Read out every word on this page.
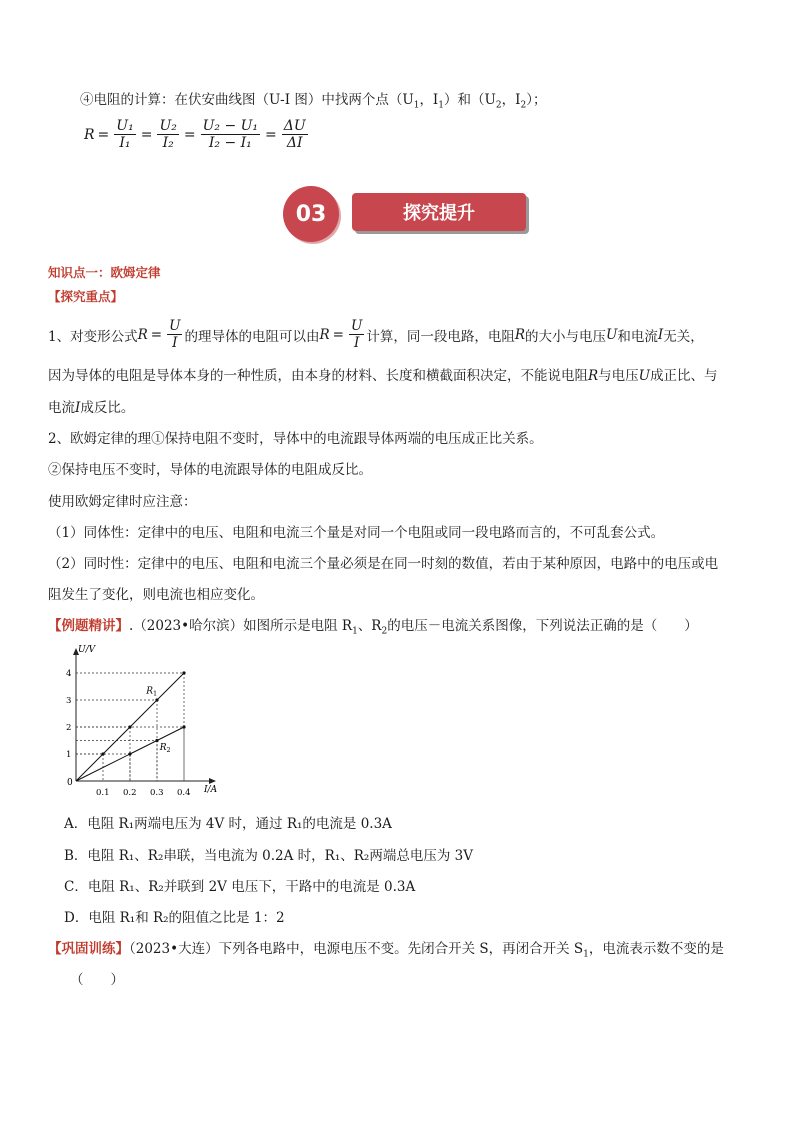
④电阻的计算：在伏安曲线图（U-I 图）中找两个点（$U_1$，$I_1$）和（$U_2$，$I_2$）；
$R = \frac{\text{U₁}}{\text{I₁}} = \frac{\text{U₂}}{\text{I₂}} = \frac{\text{U₂ − U₁}}{\text{I₂ − I₁}} = \frac{\Delta U}{\Delta I}$
03	探究提升
知识点一：欧姆定律
【探究重点】
1、对变形公式 $R = \frac{U}{I}$ 的理导体的电阻可以由 $R = \frac{U}{I}$ 计算，同一段电路，电阻 R 的大小与电压 U 和电流 I 无关，
因为导体的电阻是导体本身的一种性质，由本身的材料、长度和横截面积决定，不能说电阻R与电压U成正比、与
电流I成反比。
2、欧姆定律的理①保持电阻不变时，导体中的电流跟导体两端的电压成正比关系。
②保持电压不变时，导体的电流跟导体的电阻成反比。
使用欧姆定律时应注意：
（1）同体性：定律中的电压、电阻和电流三个量是对同一个电阻或同一段电路而言的，不可乱套公式。
（2）同时性：定律中的电压、电阻和电流三个量必须是在同一时刻的数值，若由于某种原因，电路中的电压或电
阻发生了变化，则电流也相应变化。
【例题精讲】.（2023•哈尔滨）如图所示是电阻 $R_1$、$R_2$的电压－电流关系图像，下列说法正确的是（　　）
U/V
I/A
0
0.1 0.2 0.3 0.4
1
2
3
4
$R_1$
$R_2$
A．电阻 R₁两端电压为 4V 时，通过 R₁的电流是 0.3A
B．电阻 R₁、R₂串联，当电流为 0.2A 时，R₁、R₂两端总电压为 3V
C．电阻 R₁、R₂并联到 2V 电压下，干路中的电流是 0.3A
D．电阻 R₁和 R₂的阻值之比是 1：2
【巩固训练】（2023•大连）下列各电路中，电源电压不变。先闭合开关 S，再闭合开关 $S_1$，电流表示数不变的是
（　　）
